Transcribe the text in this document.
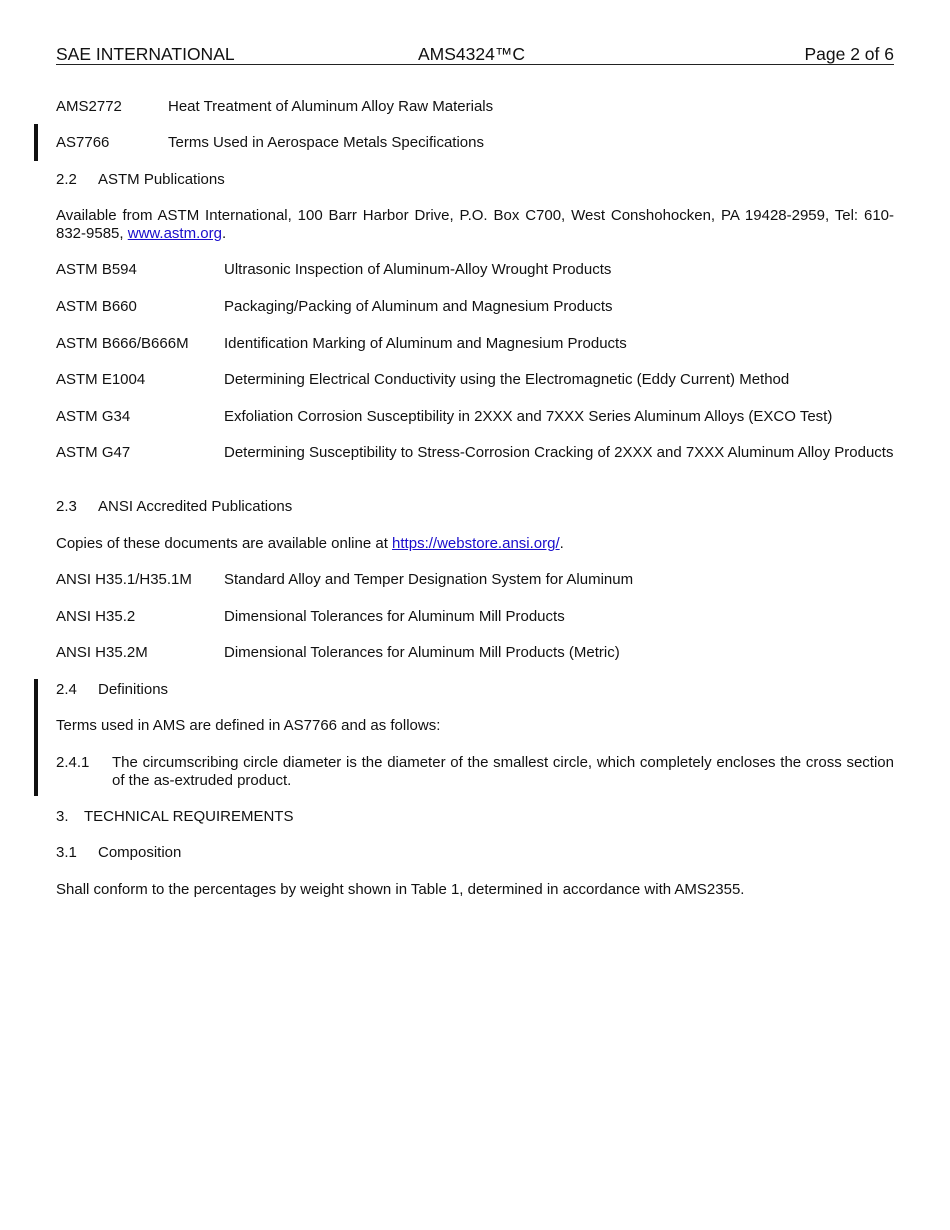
SAE INTERNATIONAL	AMS4324™C	Page 2 of 6
AMS2772	Heat Treatment of Aluminum Alloy Raw Materials
AS7766	Terms Used in Aerospace Metals Specifications
2.2 ASTM Publications
Available from ASTM International, 100 Barr Harbor Drive, P.O. Box C700, West Conshohocken, PA 19428-2959, Tel: 610-832-9585, www.astm.org.
ASTM B594	Ultrasonic Inspection of Aluminum-Alloy Wrought Products
ASTM B660	Packaging/Packing of Aluminum and Magnesium Products
ASTM B666/B666M Identification Marking of Aluminum and Magnesium Products
ASTM E1004	Determining Electrical Conductivity using the Electromagnetic (Eddy Current) Method
ASTM G34	Exfoliation Corrosion Susceptibility in 2XXX and 7XXX Series Aluminum Alloys (EXCO Test)
ASTM G47	Determining Susceptibility to Stress-Corrosion Cracking of 2XXX and 7XXX Aluminum Alloy Products
2.3 ANSI Accredited Publications
Copies of these documents are available online at https://webstore.ansi.org/.
ANSI H35.1/H35.1M Standard Alloy and Temper Designation System for Aluminum
ANSI H35.2	Dimensional Tolerances for Aluminum Mill Products
ANSI H35.2M	Dimensional Tolerances for Aluminum Mill Products (Metric)
2.4 Definitions
Terms used in AMS are defined in AS7766 and as follows:
2.4.1 The circumscribing circle diameter is the diameter of the smallest circle, which completely encloses the cross section of the as-extruded product.
3. TECHNICAL REQUIREMENTS
3.1 Composition
Shall conform to the percentages by weight shown in Table 1, determined in accordance with AMS2355.
